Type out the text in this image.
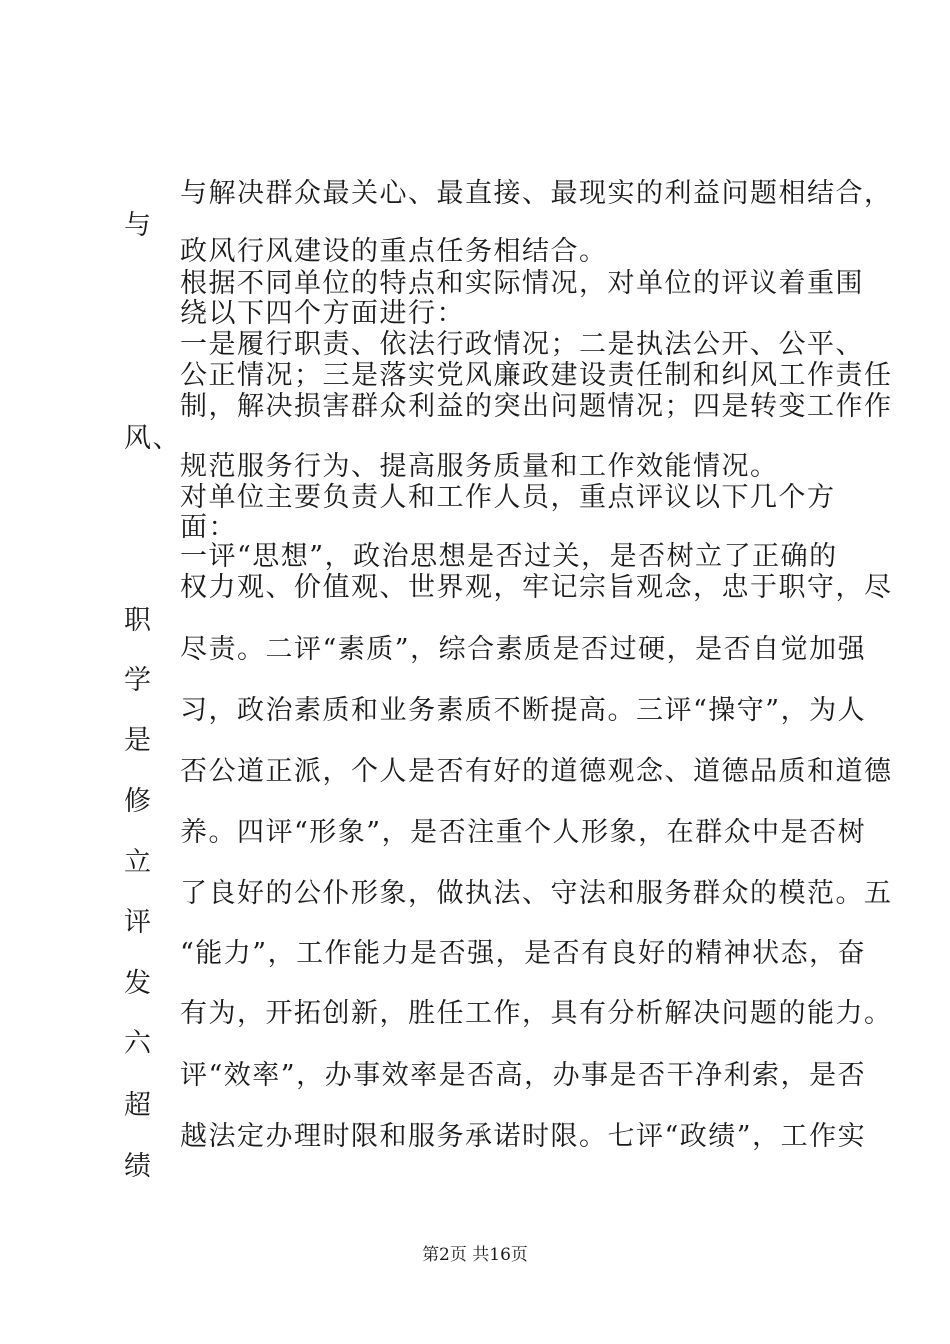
与解决群众最关心、最直接、最现实的利益问题相结合，
与
政风行风建设的重点任务相结合。
根据不同单位的特点和实际情况，对单位的评议着重围
绕以下四个方面进行：
一是履行职责、依法行政情况；二是执法公开、公平、
公正情况；三是落实党风廉政建设责任制和纠风工作责任
制，解决损害群众利益的突出问题情况；四是转变工作作
风、
规范服务行为、提高服务质量和工作效能情况。
对单位主要负责人和工作人员，重点评议以下几个方
面：
一评“思想”，政治思想是否过关，是否树立了正确的
权力观、价值观、世界观，牢记宗旨观念，忠于职守，尽
职
尽责。二评“素质”，综合素质是否过硬，是否自觉加强
学
习，政治素质和业务素质不断提高。三评“操守”，为人
是
否公道正派，个人是否有好的道德观念、道德品质和道德
修
养。四评“形象”，是否注重个人形象，在群众中是否树
立
了良好的公仆形象，做执法、守法和服务群众的模范。五
评
“能力”，工作能力是否强，是否有良好的精神状态，奋
发
有为，开拓创新，胜任工作，具有分析解决问题的能力。
六
评“效率”，办事效率是否高，办事是否干净利索，是否
超
越法定办理时限和服务承诺时限。七评“政绩”，工作实
绩
第2页 共16页
